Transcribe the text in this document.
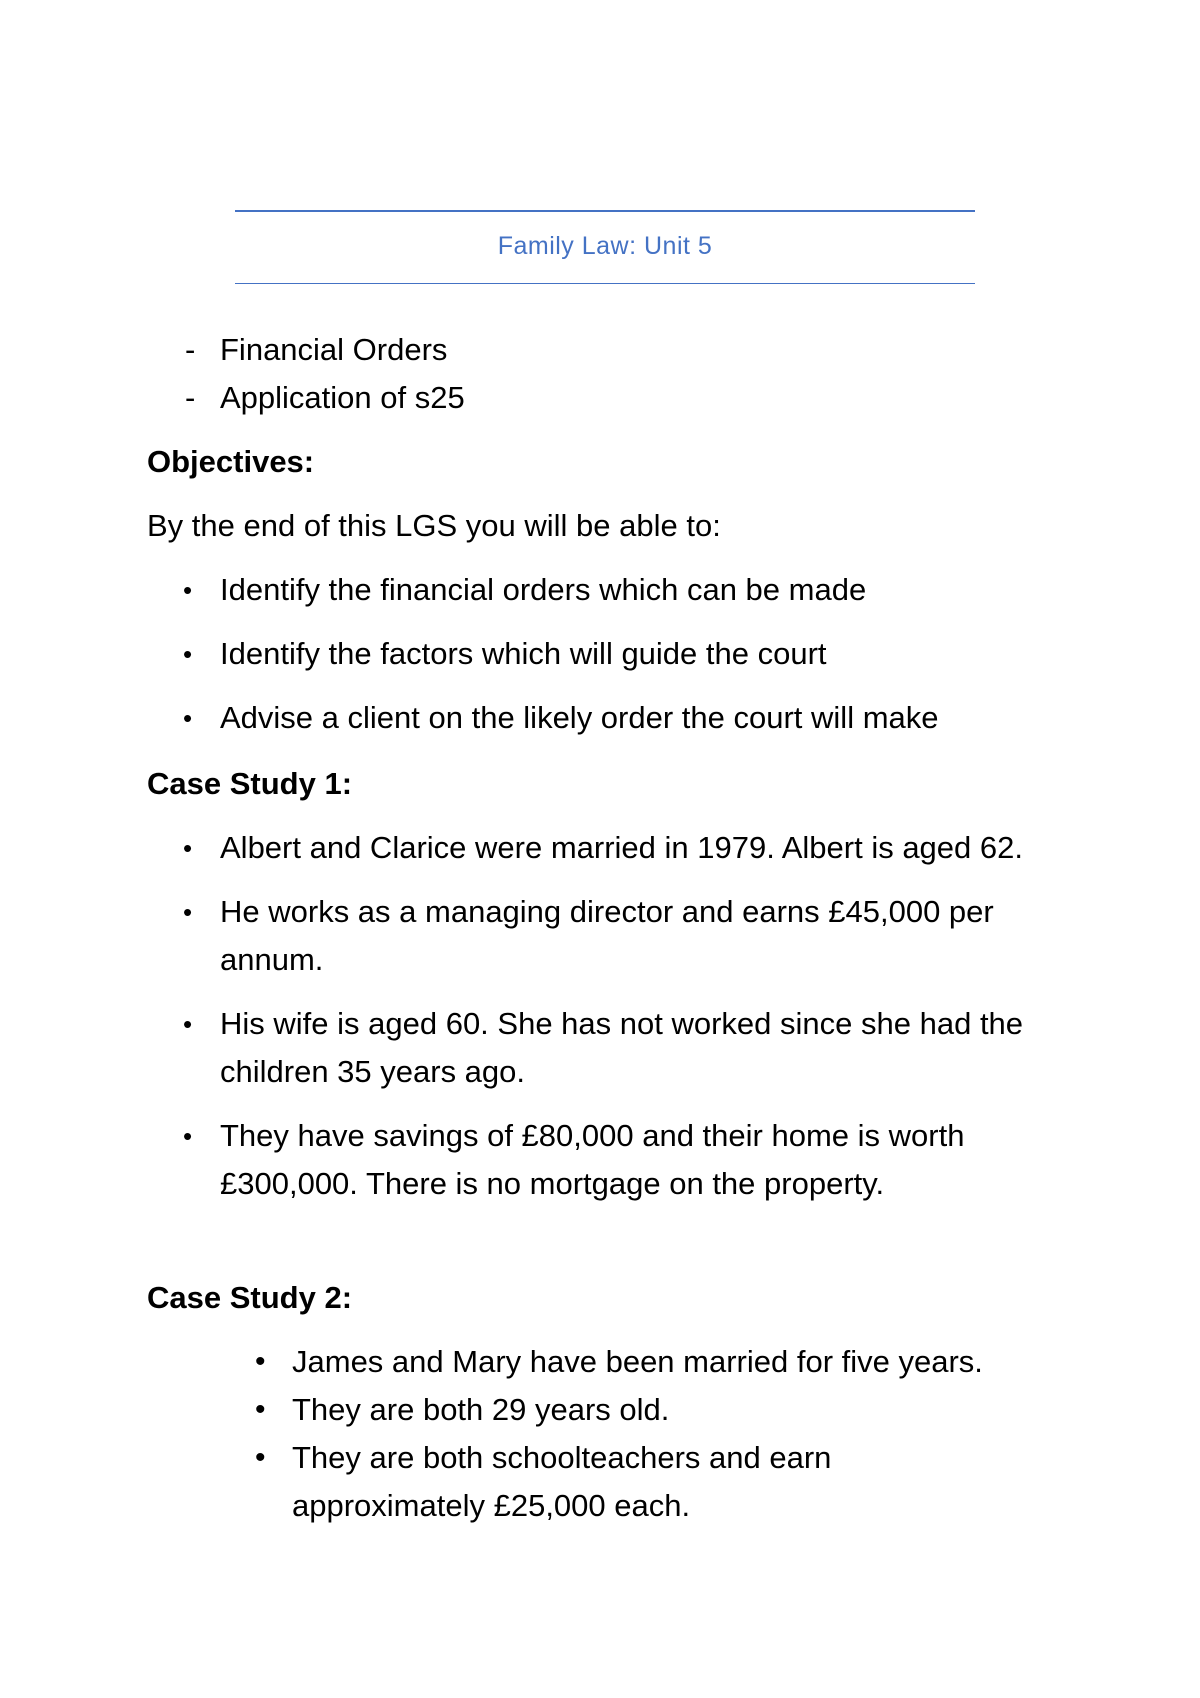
Family Law: Unit 5
- Financial Orders
- Application of s25
Objectives:
By the end of this LGS you will be able to:
• Identify the financial orders which can be made
• Identify the factors which will guide the court
• Advise a client on the likely order the court will make
Case Study 1:
• Albert and Clarice were married in 1979. Albert is aged 62.
• He works as a managing director and earns £45,000 per annum.
• His wife is aged 60. She has not worked since she had the children 35 years ago.
• They have savings of £80,000 and their home is worth £300,000. There is no mortgage on the property.
Case Study 2:
• James and Mary have been married for five years.
• They are both 29 years old.
• They are both schoolteachers and earn approximately £25,000 each.
